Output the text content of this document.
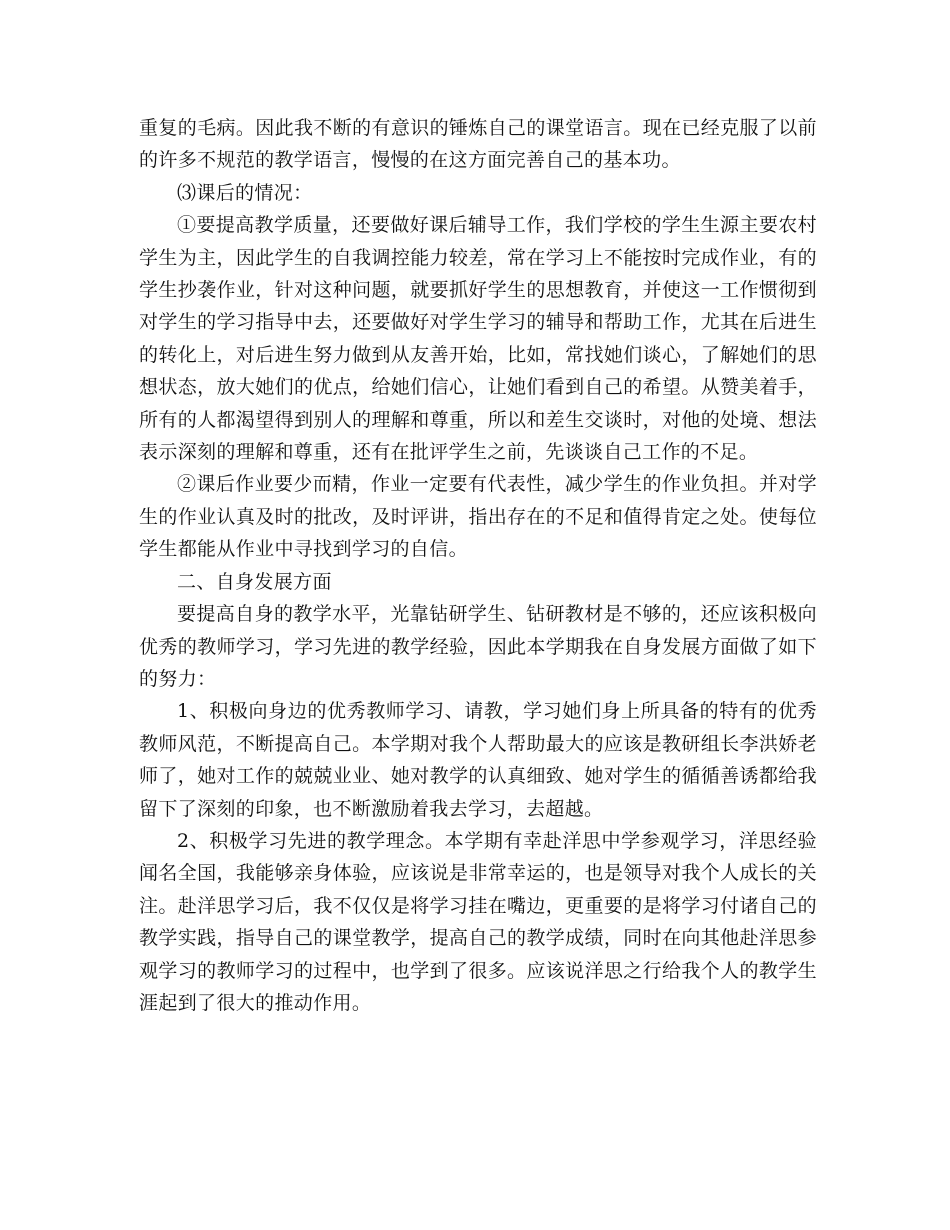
重复的毛病。因此我不断的有意识的锤炼自己的课堂语言。现在已经克服了以前的许多不规范的教学语言，慢慢的在这方面完善自己的基本功。

⑶课后的情况：

①要提高教学质量，还要做好课后辅导工作，我们学校的学生生源主要农村学生为主，因此学生的自我调控能力较差，常在学习上不能按时完成作业，有的学生抄袭作业，针对这种问题，就要抓好学生的思想教育，并使这一工作惯彻到对学生的学习指导中去，还要做好对学生学习的辅导和帮助工作，尤其在后进生的转化上，对后进生努力做到从友善开始，比如，常找她们谈心，了解她们的思想状态，放大她们的优点，给她们信心，让她们看到自己的希望。从赞美着手，所有的人都渴望得到别人的理解和尊重，所以和差生交谈时，对他的处境、想法表示深刻的理解和尊重，还有在批评学生之前，先谈谈自己工作的不足。

②课后作业要少而精，作业一定要有代表性，减少学生的作业负担。并对学生的作业认真及时的批改，及时评讲，指出存在的不足和值得肯定之处。使每位学生都能从作业中寻找到学习的自信。

二、自身发展方面

要提高自身的教学水平，光靠钻研学生、钻研教材是不够的，还应该积极向优秀的教师学习，学习先进的教学经验，因此本学期我在自身发展方面做了如下的努力：

1、积极向身边的优秀教师学习、请教，学习她们身上所具备的特有的优秀教师风范，不断提高自己。本学期对我个人帮助最大的应该是教研组长李洪娇老师了，她对工作的兢兢业业、她对教学的认真细致、她对学生的循循善诱都给我留下了深刻的印象，也不断激励着我去学习，去超越。

2、积极学习先进的教学理念。本学期有幸赴洋思中学参观学习，洋思经验闻名全国，我能够亲身体验，应该说是非常幸运的，也是领导对我个人成长的关注。赴洋思学习后，我不仅仅是将学习挂在嘴边，更重要的是将学习付诸自己的教学实践，指导自己的课堂教学，提高自己的教学成绩，同时在向其他赴洋思参观学习的教师学习的过程中，也学到了很多。应该说洋思之行给我个人的教学生涯起到了很大的推动作用。
